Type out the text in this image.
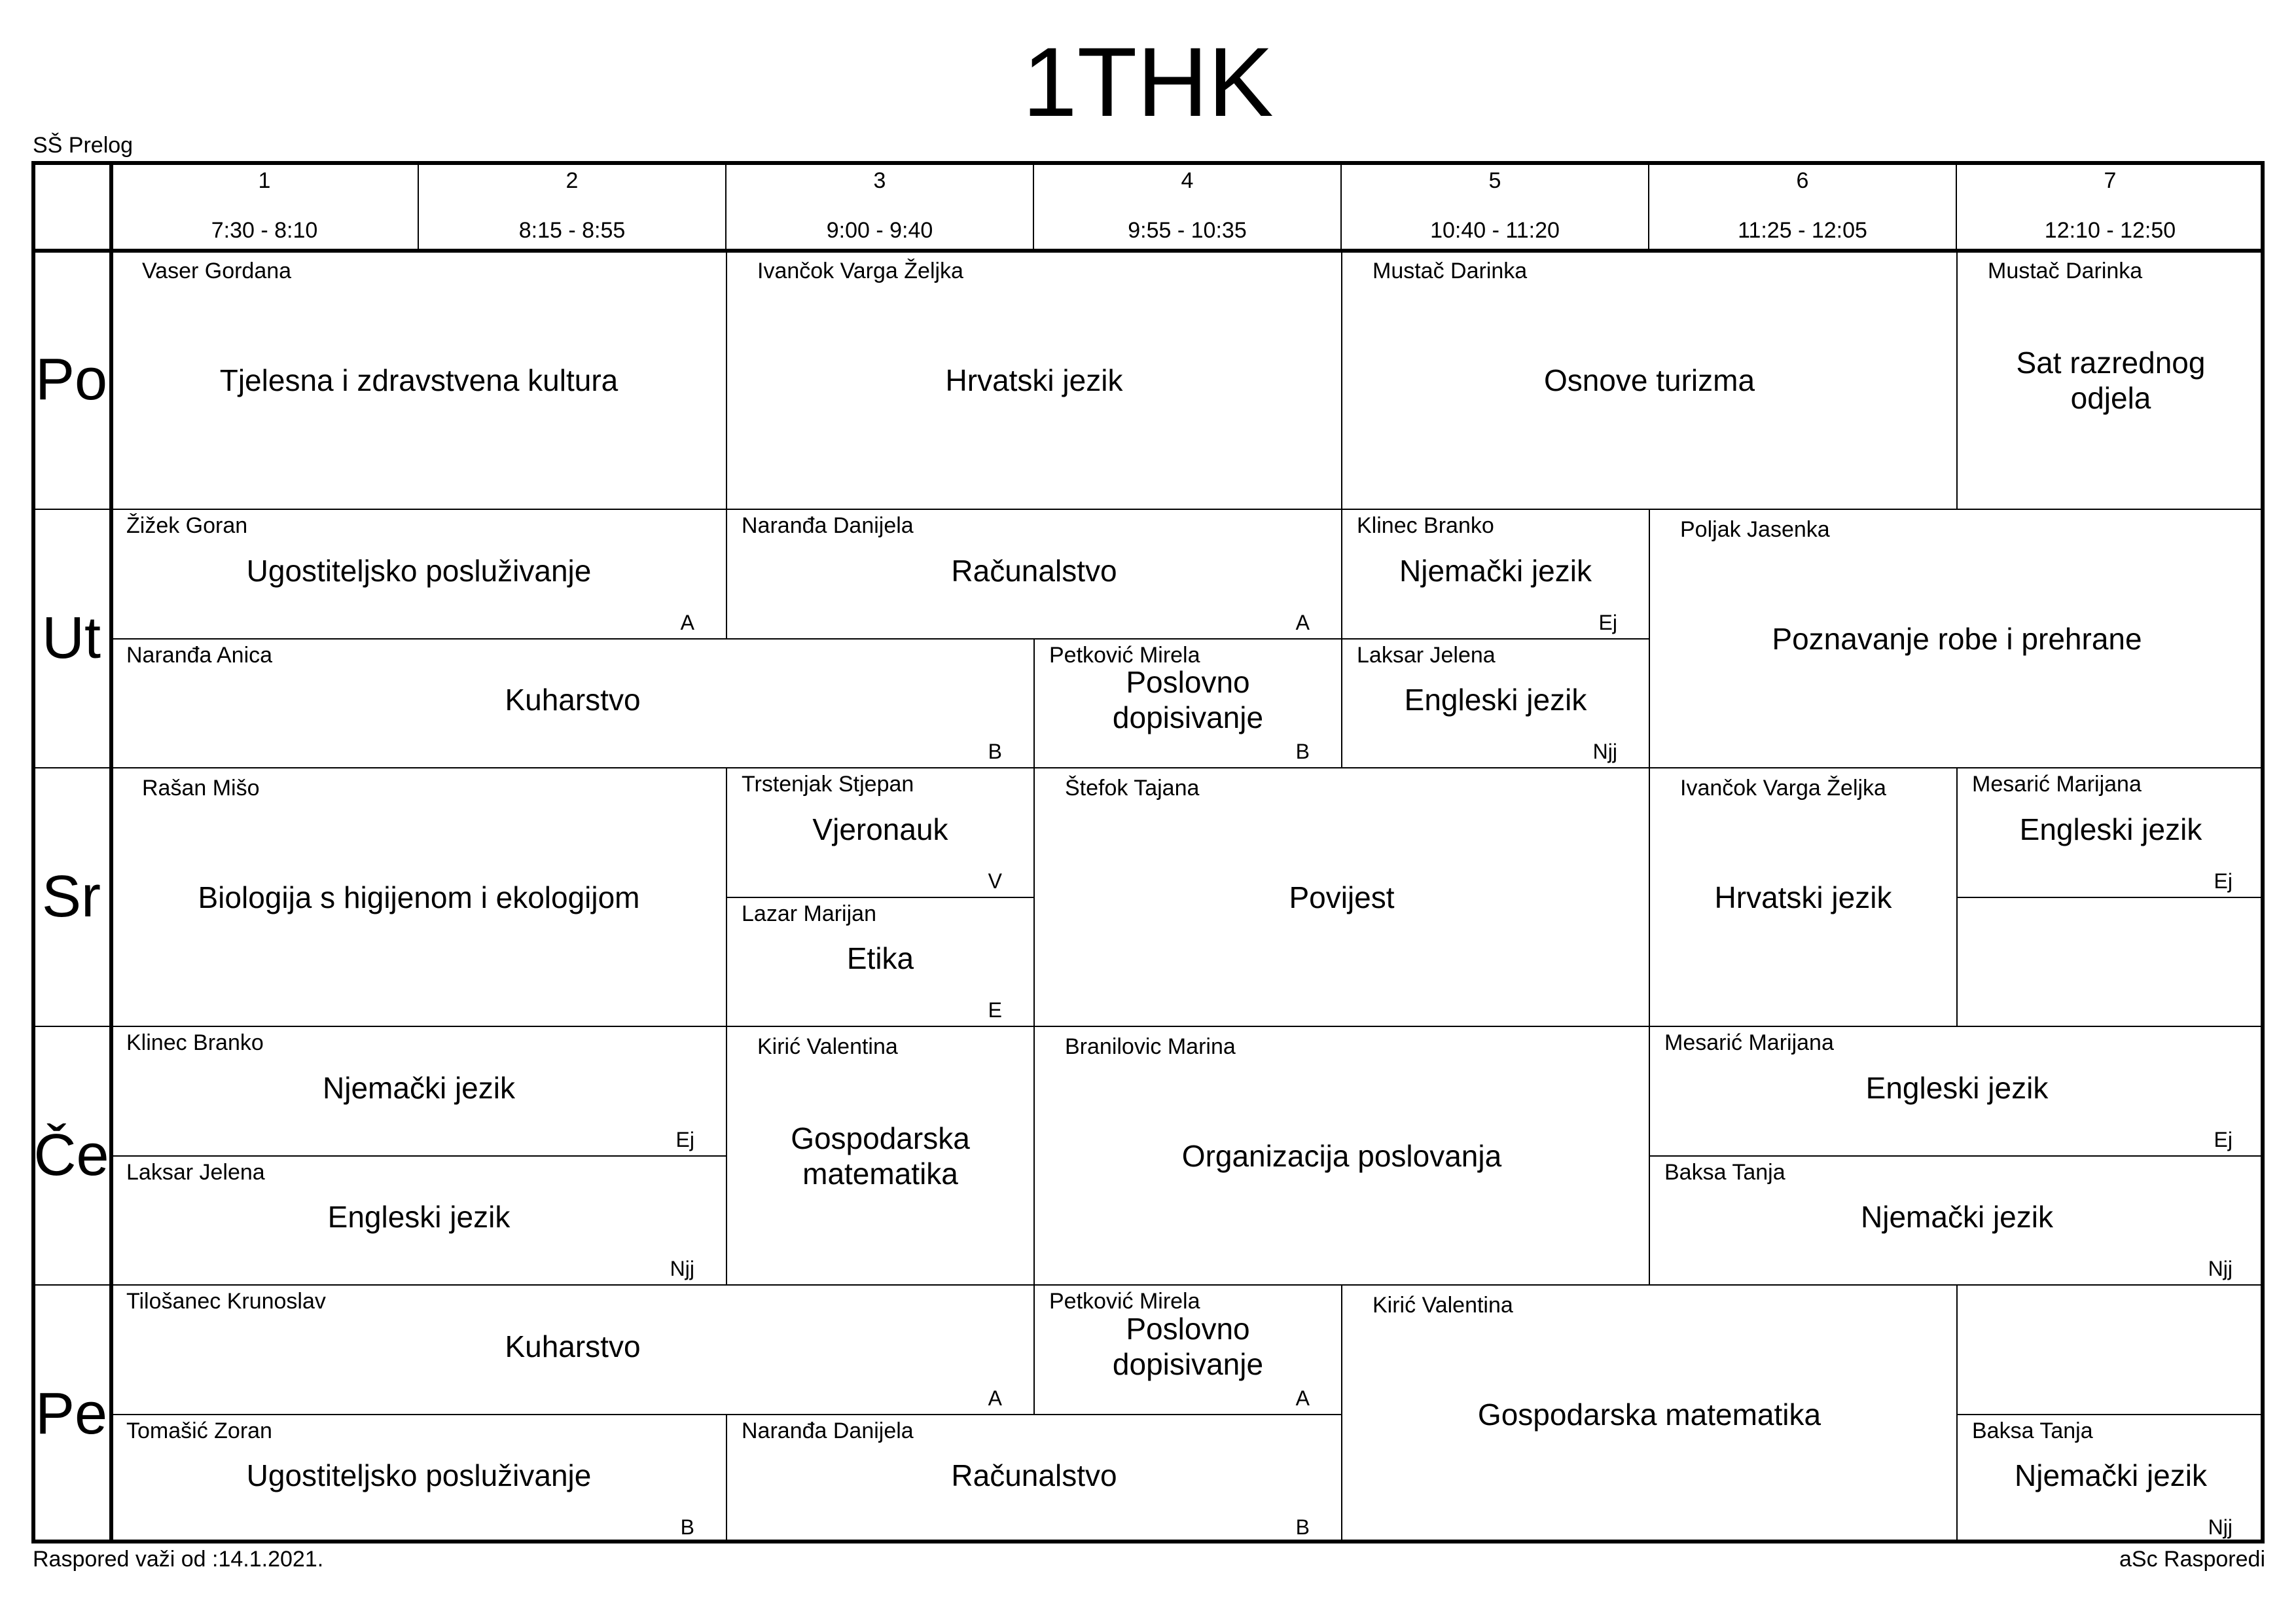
1THK
SŠ Prelog
1
7:30 - 8:10
2
8:15 - 8:55
3
9:00 - 9:40
4
9:55 - 10:35
5
10:40 - 11:20
6
11:25 - 12:05
7
12:10 - 12:50
Po
Ut
Sr
Če
Pe
Vaser Gordana
Tjelesna i zdravstvena kultura
Ivančok Varga Željka
Hrvatski jezik
Mustač Darinka
Osnove turizma
Mustač Darinka
Sat razrednog odjela
Žižek Goran
Ugostiteljsko posluživanje
A
Naranđa Danijela
Računalstvo
A
Klinec Branko
Njemački jezik
Ej
Poljak Jasenka
Poznavanje robe i prehrane
Naranđa Anica
Kuharstvo
B
Petković Mirela
Poslovno dopisivanje
B
Laksar Jelena
Engleski jezik
Njj
Rašan Mišo
Biologija s higijenom i ekologijom
Trstenjak Stjepan
Vjeronauk
V
Lazar Marijan
Etika
E
Štefok Tajana
Povijest
Ivančok Varga Željka
Hrvatski jezik
Mesarić Marijana
Engleski jezik
Ej
Klinec Branko
Njemački jezik
Ej
Laksar Jelena
Engleski jezik
Njj
Kirić Valentina
Gospodarska matematika
Branilovic Marina
Organizacija poslovanja
Mesarić Marijana
Engleski jezik
Ej
Baksa Tanja
Njemački jezik
Njj
Tilošanec Krunoslav
Kuharstvo
A
Petković Mirela
Poslovno dopisivanje
A
Kirić Valentina
Gospodarska matematika
Tomašić Zoran
Ugostiteljsko posluživanje
B
Naranđa Danijela
Računalstvo
B
Baksa Tanja
Njemački jezik
Njj
Raspored važi od :14.1.2021.	aSc Rasporedi
